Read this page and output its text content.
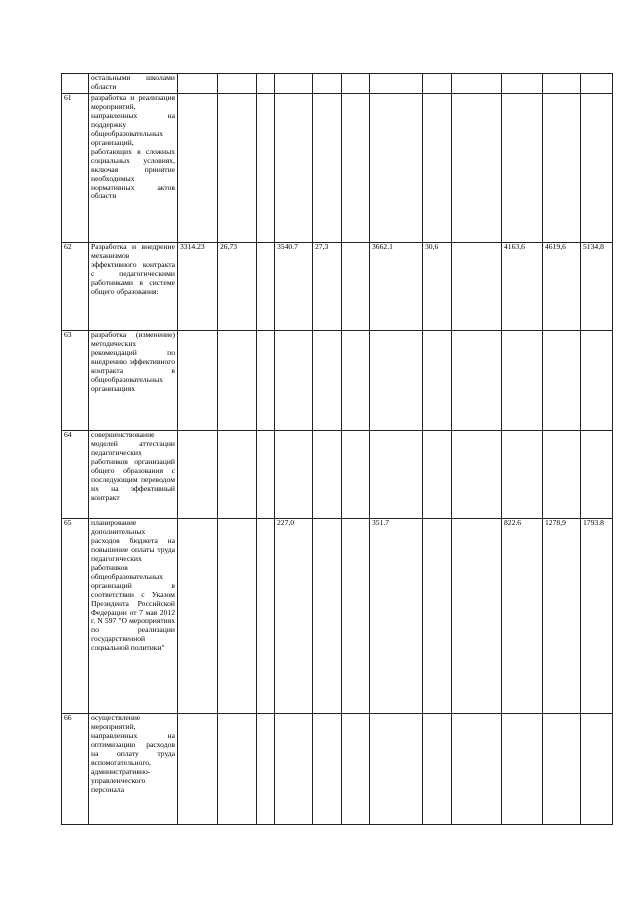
	остальными школами области												
61	разработка и реализация мероприятий, направленных на поддержку общеобразовательных организаций, работающих в сложных социальных условиях, включая принятие необходимых нормативных актов области												
62	Разработка и внедрение механизмов эффективного контракта с педагогическими работниками в системе общего образования:	3314.23	26,73		3540.7	27,3		3662.1	30,6		4163,6	4619,6	5134,8
63	разработка (изменение) методических рекомендаций по внедрению эффективного контракта в общеобразовательных организациях												
64	совершенствование моделей аттестации педагогических работников организаций общего образования с последующим переводом их на эффективный контракт												
65	планирование дополнительных расходов бюджета на повышение оплаты труда педагогических работников общеобразовательных организаций в соответствии с Указом Президента Российской Федерации от 7 мая 2012 г. N 597 "О мероприятиях по реализации государственной социальной политики"				227,0			351.7			822.6	1278,9	1793.8
66	осуществление мероприятий, направленных на оптимизацию расходов на оплату труда вспомогательного, административно-управленческого персонала												
